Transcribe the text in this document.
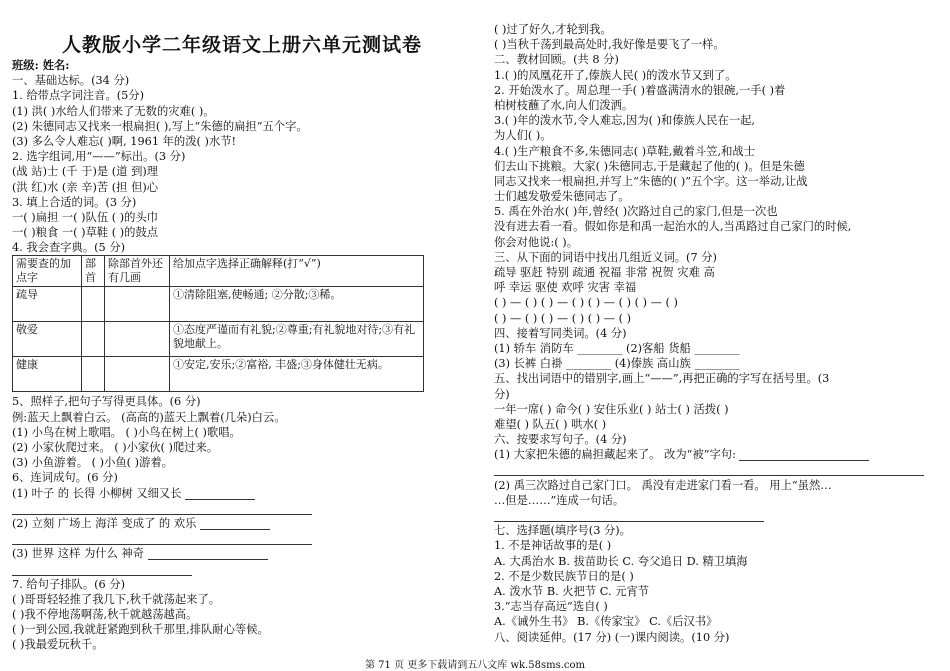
人教版小学二年级语文上册六单元测试卷
班级: 姓名:
一、基础达标。(34 分)
1. 给带点字词注音。(5分)
(1) 洪( )水给人们带来了无数的灾难( )。
(2) 朱德同志又找来一根扁担( ),写上“朱德的扁担”五个字。
(3) 多么令人难忘( )啊, 1961 年的泼( )水节!
2. 选字组词,用“——”标出。(3 分)
(战 站)士 (千 于)是 (道 到)理
(洪 红)水 (亲 辛)苦 (担 但)心
3. 填上合适的词。(3 分)
一( )扁担 一( )队伍 ( )的头巾
一( )粮食 一( )草鞋 ( )的鼓点
4. 我会查字典。(5 分)
需要查的加点字	部首	除部首外还有几画	给加点字选择正确解释(打“√”)
疏导			①清除阻塞,使畅通; ②分散;③稀。
敬爱			①态度严谨而有礼貌;②尊重;有礼貌地对待;③有礼貌地献上。
健康			①安定,安乐;②富裕, 丰盛;③身体健壮无病。
5、照样子,把句子写得更具体。(6 分)
例:蓝天上飘着白云。 (高高的)蓝天上飘着(几朵)白云。
(1) 小鸟在树上歌唱。 ( )小鸟在树上( )歌唱。
(2) 小家伙爬过来。 ( )小家伙( )爬过来。
(3) 小鱼游着。 ( )小鱼( )游着。
6、连词成句。(6 分)
(1) 叶子 的 长得 小柳树 又细又长
(2) 立刻 广场上 海洋 变成了 的 欢乐
(3) 世界 这样 为什么 神奇
7. 给句子排队。(6 分)
( )哥哥轻轻推了我几下,秋千就荡起来了。
( )我不停地荡啊荡,秋千就越荡越高。
( )一到公园,我就赶紧跑到秋千那里,排队耐心等候。
( )我最爱玩秋千。
( )过了好久,才轮到我。
( )当秋千荡到最高处时,我好像是要飞了一样。
二、教材回顾。(共 8 分)
1.( )的凤凰花开了,傣族人民( )的泼水节又到了。
2. 开始泼水了。周总理一手( )着盛满清水的银碗,一手( )着
柏树枝蘸了水,向人们泼洒。
3.( )年的泼水节,令人难忘,因为( )和傣族人民在一起,
为人们( )。
4.( )生产粮食不多,朱德同志( )草鞋,戴着斗笠,和战士
们去山下挑粮。大家( )朱德同志,于是藏起了他的( )。但是朱德
同志又找来一根扁担,并写上“朱德的( )”五个字。这一举动,让战
士们越发敬爱朱德同志了。
5. 禹在外治水( )年,曾经( )次路过自己的家门,但是一次也
没有进去看一看。假如你是和禹一起治水的人,当禹路过自己家门的时候,
你会对他说:( )。
三、从下面的词语中找出几组近义词。(7 分)
疏导 驱赶 特别 疏通 祝福 非常 祝贺 灾难 高
呼 幸运 驱使 欢呼 灾害 幸福
( ) — ( ) ( ) — ( ) ( ) — ( ) ( ) — ( )
( ) — ( ) ( ) — ( ) ( ) — ( )
四、接着写同类词。(4 分)
(1) 轿车 消防车 ________ (2)客船 货船 ________
(3) 长裤 白褂 ________ (4)傣族 高山族 ________
五、找出词语中的错别字,画上“——”,再把正确的字写在括号里。(3
分)
一年一席( ) 命今( ) 安住乐业( ) 站士( ) 活拨( )
难望( ) 队五( ) 哄水( )
六、按要求写句子。(4 分)
(1) 大家把朱德的扁担藏起来了。 改为“被”字句:
(2) 禹三次路过自己家门口。 禹没有走进家门看一看。 用上“虽然…
…但是……”连成一句话。
七、选择题(填序号(3 分)。
1. 不是神话故事的是( )
A. 大禹治水 B. 拔苗助长 C. 夸父追日 D. 精卫填海
2. 不是少数民族节日的是( )
A. 泼水节 B. 火把节 C. 元宵节
3.“志当存高远”选自( )
A.《诫外生书》 B.《传家宝》 C.《后汉书》
八、阅读延伸。(17 分) (一)课内阅读。(10 分)
第 71 页 更多下载请到五八文库 wk.58sms.com
